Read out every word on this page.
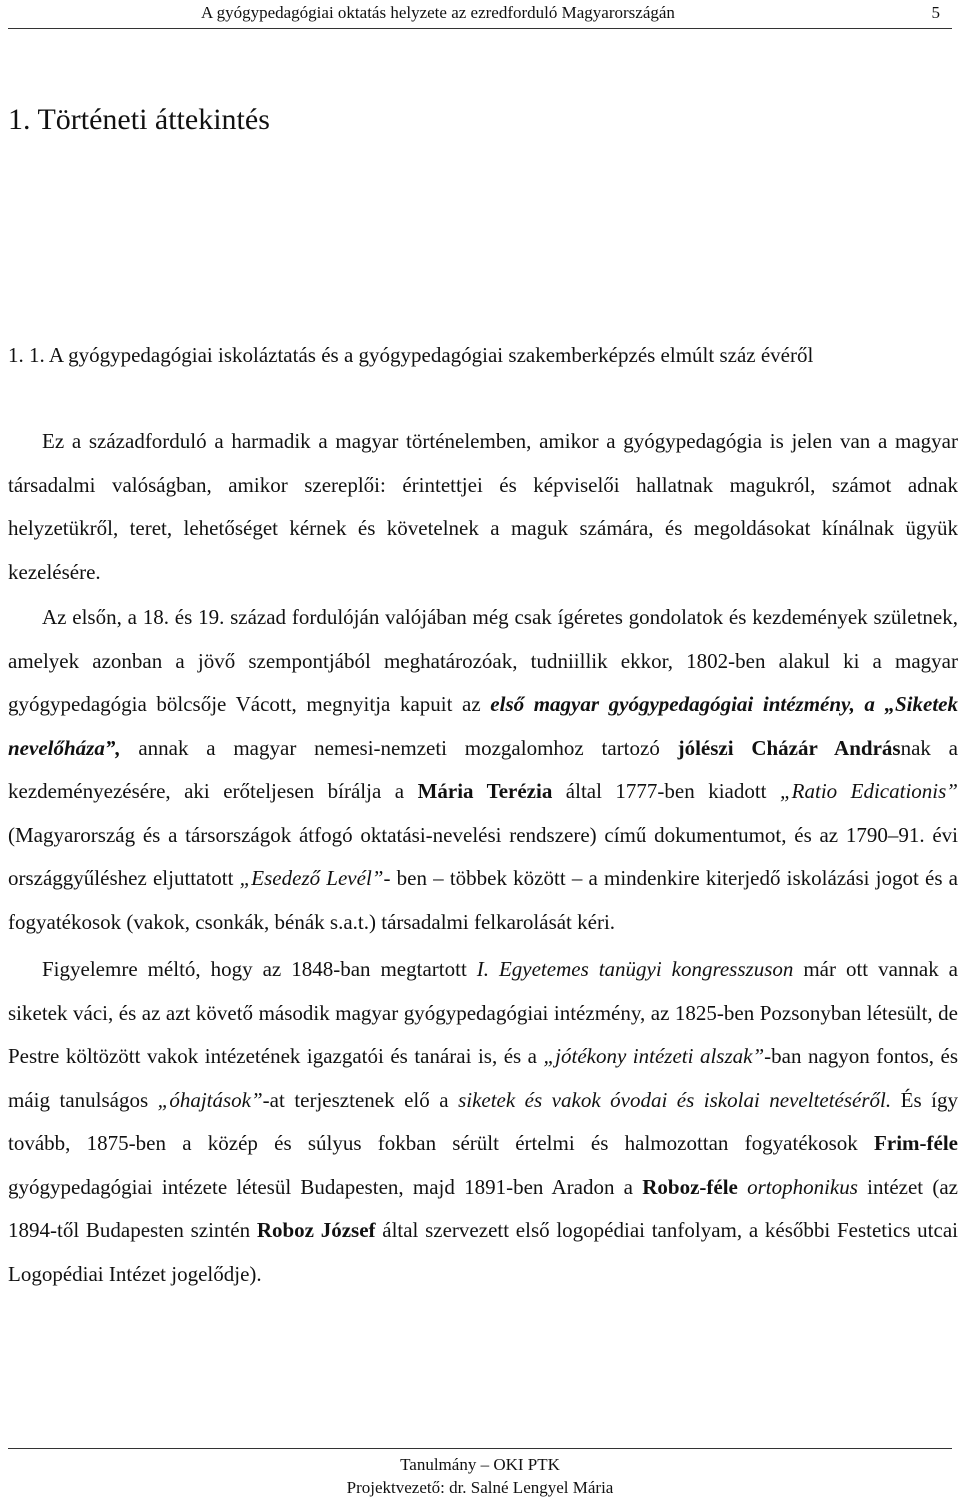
A gyógypedagógiai oktatás helyzete az ezredforduló Magyarországán	5
1. Történeti áttekintés
1. 1. A gyógypedagógiai iskoláztatás és a gyógypedagógiai szakemberképzés elmúlt száz évéről

Ez a századforduló a harmadik a magyar történelemben, amikor a gyógypedagógia is jelen van a magyar társadalmi valóságban, amikor szereplői: érintettjei és képviselői hallatnak magukról, számot adnak helyzetükről, teret, lehetőséget kérnek és követelnek a maguk számára, és megoldásokat kínálnak ügyük kezelésére.

Az elsőn, a 18. és 19. század fordulóján valójában még csak ígéretes gondolatok és kezdemények születnek, amelyek azonban a jövő szempontjából meghatározóak, tudniillik ekkor, 1802-ben alakul ki a magyar gyógypedagógia bölcsője Vácott, megnyitja kapuit az első magyar gyógypedagógiai intézmény, a „Siketek nevelőháza”, annak a magyar nemesi-nemzeti mozgalomhoz tartozó jólészi Cházár Andrásnak a kezdeményezésére, aki erőteljesen bírálja a Mária Terézia által 1777-ben kiadott „Ratio Edicationis” (Magyarország és a társországok átfogó oktatási-nevelési rendszere) című dokumentumot, és az 1790–91. évi országgyűléshez eljuttatott „Esedező Levél”- ben – többek között – a mindenkire kiterjedő iskolázási jogot és a fogyatékosok (vakok, csonkák, bénák s.a.t.) társadalmi felkarolását kéri.

Figyelemre méltó, hogy az 1848-ban megtartott I. Egyetemes tanügyi kongresszuson már ott vannak a siketek váci, és az azt követő második magyar gyógypedagógiai intézmény, az 1825-ben Pozsonyban létesült, de Pestre költözött vakok intézetének igazgatói és tanárai is, és a „jótékony intézeti alszak”-ban nagyon fontos, és máig tanulságos „óhajtások”-at terjesztenek elő a siketek és vakok óvodai és iskolai neveltetéséről. És így tovább, 1875-ben a közép és súlyus fokban sérült értelmi és halmozottan fogyatékosok Frim-féle gyógypedagógiai intézete létesül Budapesten, majd 1891-ben Aradon a Roboz-féle ortophonikus intézet (az 1894-től Budapesten szintén Roboz József által szervezett első logopédiai tanfolyam, a későbbi Festetics utcai Logopédiai Intézet jogelődje).

Tanulmány – OKI PTK
Projektvezető: dr. Salné Lengyel Mária
